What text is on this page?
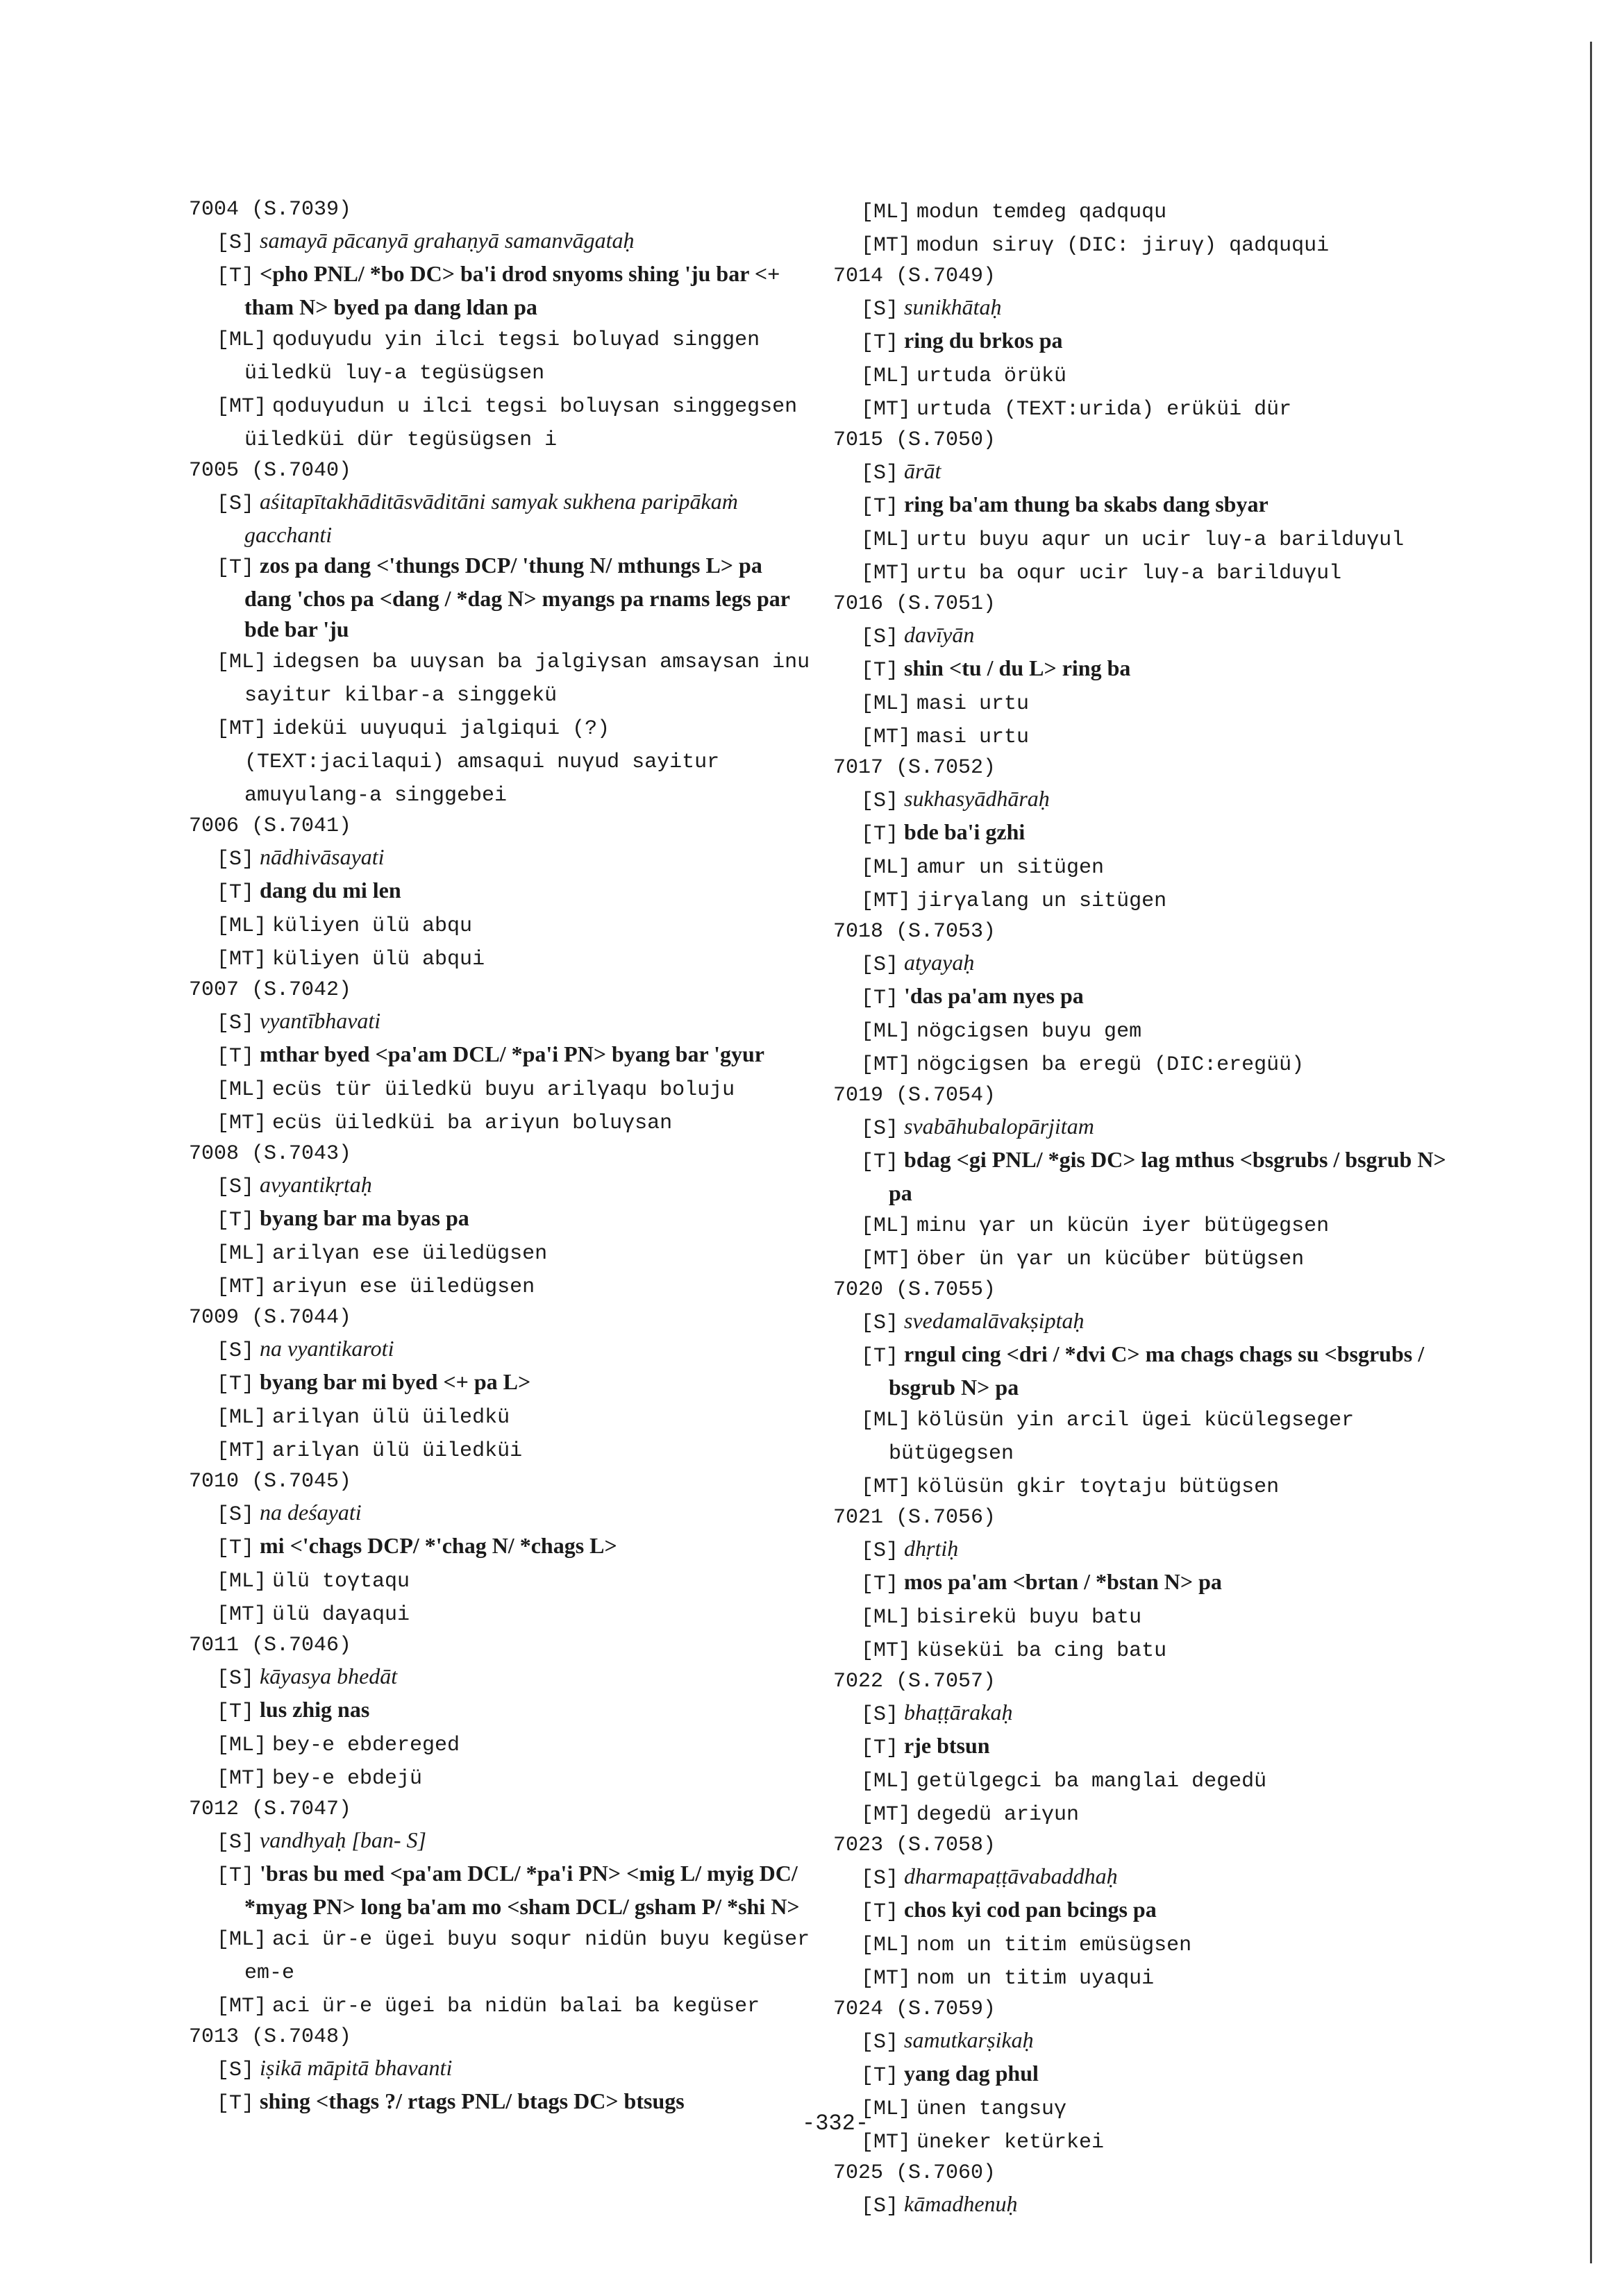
7004 (S.7039)
[S] samayā pācanyā grahaṇyā samanvāgataḥ
[T] <pho PNL/ *bo DC> ba'i drod snyoms shing 'ju bar <+ tham N> byed pa dang ldan pa
[ML] qoduγudu yin ilci tegsi boluγad singgen üiledkü luγ-a tegüsügsen
[MT] qoduγudun u ilci tegsi boluγsan singgegsen üiledküi dür tegüsügsen i
7005 (S.7040)
[S] aśitapītakhāditāsvāditāni samyak sukhena paripākaṁ gacchanti
[T] zos pa dang <'thungs DCP/ 'thung N/ mthungs L> pa dang 'chos pa <dang / *dag N> myangs pa rnams legs par bde bar 'ju
[ML] idegsen ba uuγsan ba jalgiγsan amsaγsan inu sayitur kilbar-a singgekü
[MT] ideküi uuγuqui jalgiqui (?) (TEXT:jacilaqui) amsaqui nuγud sayitur amuγulang-a singgebei
7006 (S.7041)
[S] nādhivāsayati
[T] dang du mi len
[ML] küliyen ülü abqu
[MT] küliyen ülü abqui
7007 (S.7042)
[S] vyantībhavati
[T] mthar byed <pa'am DCL/ *pa'i PN> byang bar 'gyur
[ML] ecüs tür üiledkü buyu arilγaqu boluju
[MT] ecüs üiledküi ba ariγun boluγsan
7008 (S.7043)
[S] avyantikṛtaḥ
[T] byang bar ma byas pa
[ML] arilγan ese üiledügsen
[MT] ariγun ese üiledügsen
7009 (S.7044)
[S] na vyantikaroti
[T] byang bar mi byed <+ pa L>
[ML] arilγan ülü üiledkü
[MT] arilγan ülü üiledküi
7010 (S.7045)
[S] na deśayati
[T] mi <'chags DCP/ *'chag N/ *chags L>
[ML] ülü toγtaqu
[MT] ülü daγaqui
7011 (S.7046)
[S] kāyasya bhedāt
[T] lus zhig nas
[ML] bey-e ebdereged
[MT] bey-e ebdejü
7012 (S.7047)
[S] vandhyaḥ [ban- S]
[T] 'bras bu med <pa'am DCL/ *pa'i PN> <mig L/ myig DC/ *myag PN> long ba'am mo <sham DCL/ gsham P/ *shi N>
[ML] aci ür-e ügei buyu soqur nidün buyu kegüser em-e
[MT] aci ür-e ügei ba nidün balai ba kegüser
7013 (S.7048)
[S] iṣikā māpitā bhavanti
[T] shing <thags ?/ rtags PNL/ btags DC> btsugs
[ML] modun temdeg qadququ
[MT] modun siruγ (DIC: jiruγ) qadququi
7014 (S.7049)
[S] sunikhātaḥ
[T] ring du brkos pa
[ML] urtuda örükü
[MT] urtuda (TEXT:urida) erüküi dür
7015 (S.7050)
[S] ārāt
[T] ring ba'am thung ba skabs dang sbyar
[ML] urtu buyu aqur un ucir luγ-a barilduγul
[MT] urtu ba oqur ucir luγ-a barilduγul
7016 (S.7051)
[S] davīyān
[T] shin <tu / du L> ring ba
[ML] masi urtu
[MT] masi urtu
7017 (S.7052)
[S] sukhasyādhāraḥ
[T] bde ba'i gzhi
[ML] amur un sitügen
[MT] jirγalang un sitügen
7018 (S.7053)
[S] atyayaḥ
[T] 'das pa'am nyes pa
[ML] nögcigsen buyu gem
[MT] nögcigsen ba eregü (DIC:eregüü)
7019 (S.7054)
[S] svabāhubalopārjitam
[T] bdag <gi PNL/ *gis DC> lag mthus <bsgrubs / bsgrub N> pa
[ML] minu γar un kücün iyer bütügegsen
[MT] öber ün γar un kücüber bütügsen
7020 (S.7055)
[S] svedamalāvakṣiptaḥ
[T] rngul cing <dri / *dvi C> ma chags chags su <bsgrubs / bsgrub N> pa
[ML] kölüsün yin arcil ügei kücülegseger bütügegsen
[MT] kölüsün gkir toγtaju bütügsen
7021 (S.7056)
[S] dhṛtiḥ
[T] mos pa'am <brtan / *bstan N> pa
[ML] bisirekü buyu batu
[MT] küseküi ba cing batu
7022 (S.7057)
[S] bhaṭṭārakaḥ
[T] rje btsun
[ML] getülgegci ba manglai degedü
[MT] degedü ariγun
7023 (S.7058)
[S] dharmapaṭṭāvabaddhaḥ
[T] chos kyi cod pan bcings pa
[ML] nom un titim emüsügsen
[MT] nom un titim uyaqui
7024 (S.7059)
[S] samutkarṣikaḥ
[T] yang dag phul
[ML] ünen tangsuγ
[MT] üneker ketürkei
7025 (S.7060)
[S] kāmadhenuḥ
-332-
